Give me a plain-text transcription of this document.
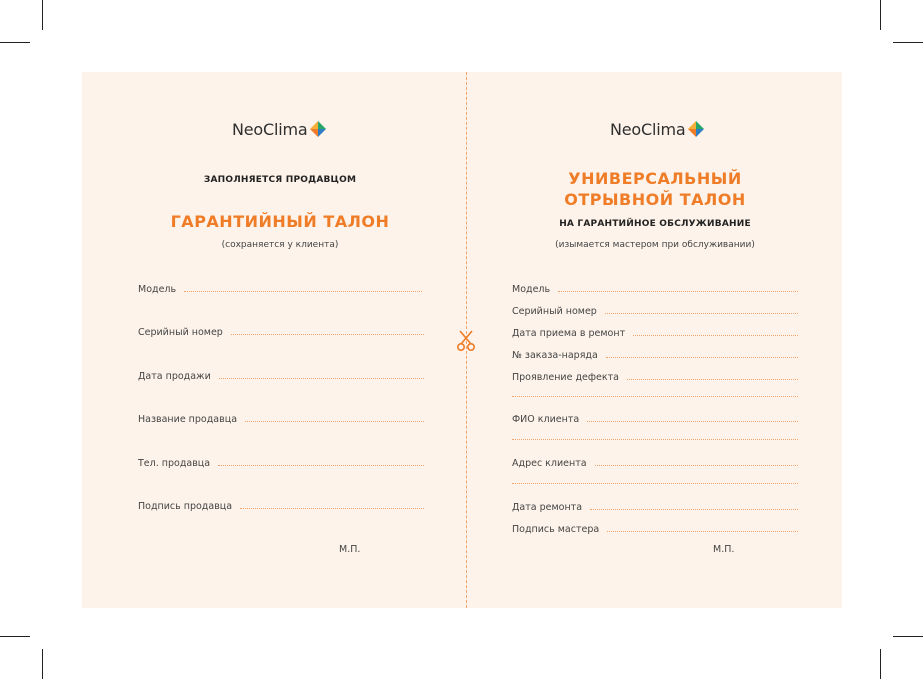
NeoClima
ЗАПОЛНЯЕТСЯ ПРОДАВЦОМ
ГАРАНТИЙНЫЙ ТАЛОН
(сохраняется у клиента)
Модель
Серийный номер
Дата продажи
Название продавца
Тел. продавца
Подпись продавца
М.П.
NeoClima
УНИВЕРСАЛЬНЫЙ
ОТРЫВНОЙ ТАЛОН
НА ГАРАНТИЙНОЕ ОБСЛУЖИВАНИЕ
(изымается мастером при обслуживании)
Модель
Серийный номер
Дата приема в ремонт
№ заказа-наряда
Проявление дефекта
ФИО клиента
Адрес клиента
Дата ремонта
Подпись мастера
М.П.
